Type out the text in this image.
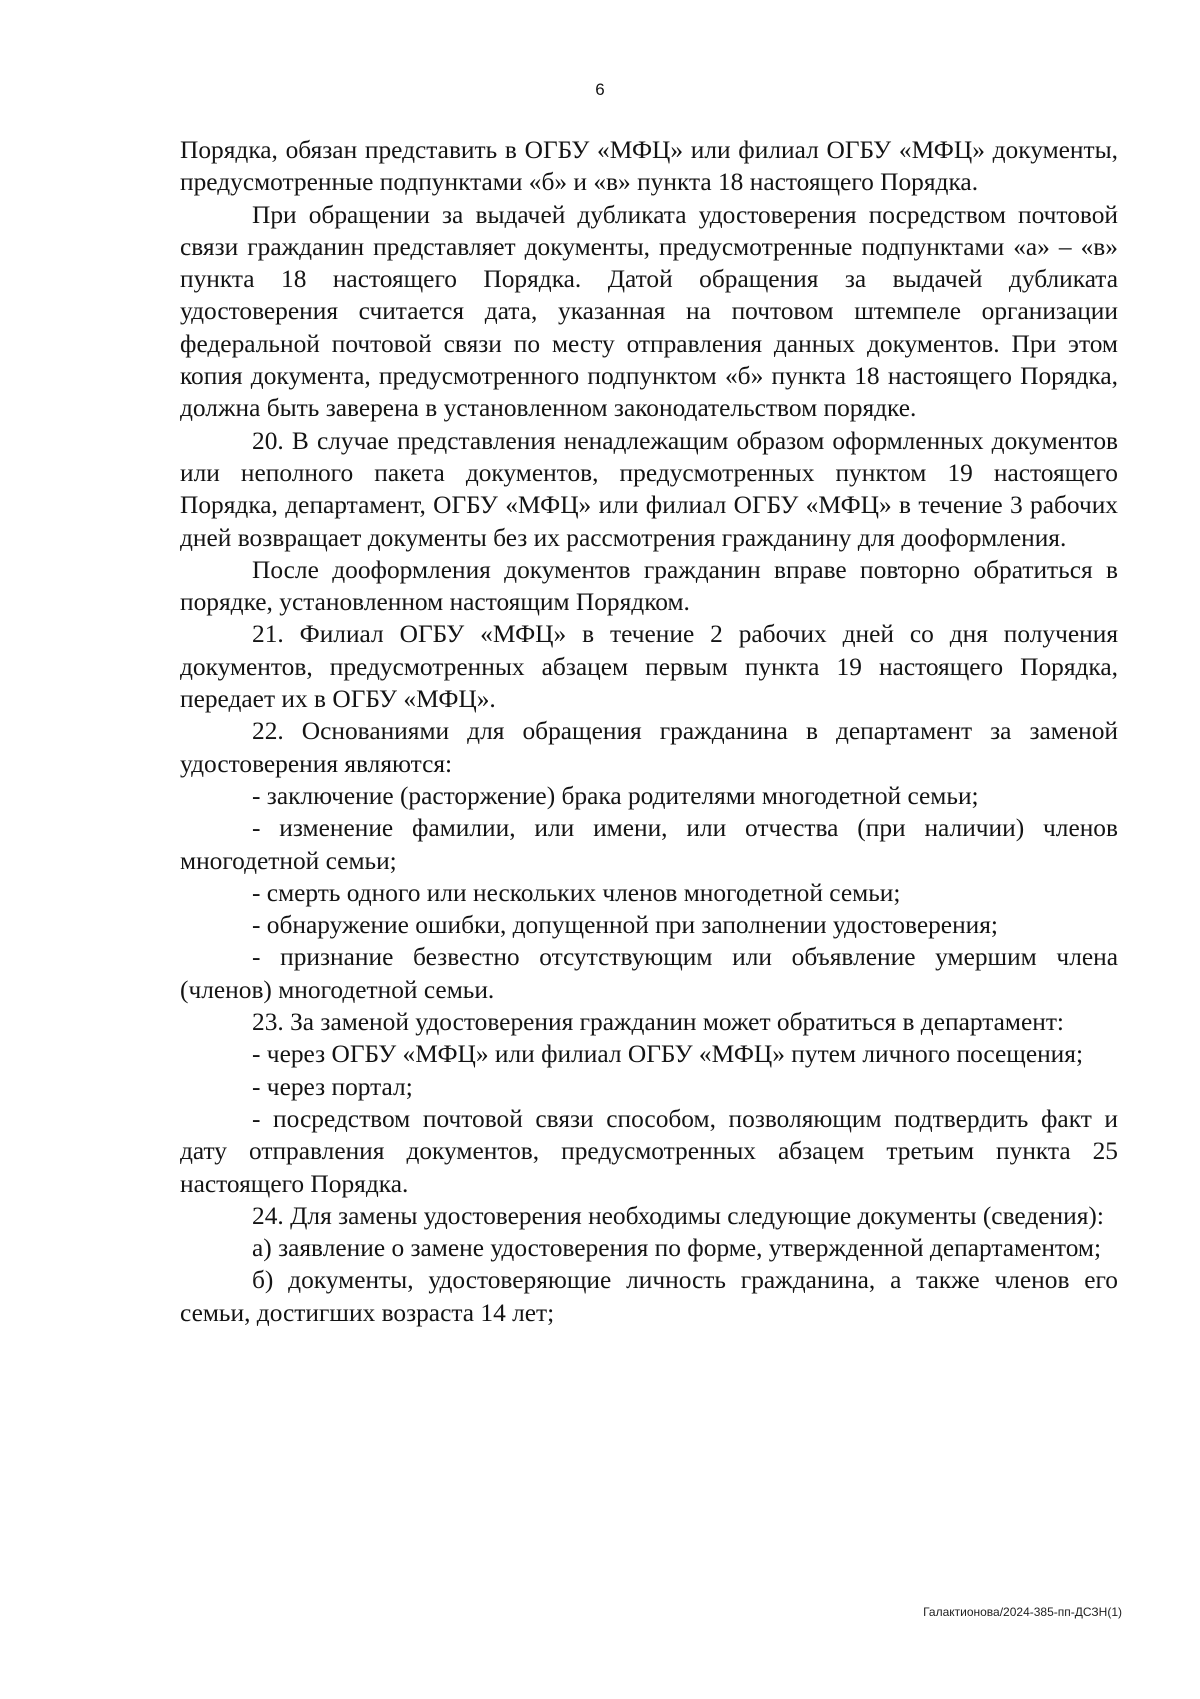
6

Порядка, обязан представить в ОГБУ «МФЦ» или филиал ОГБУ «МФЦ» документы, предусмотренные подпунктами «б» и «в» пункта 18 настоящего Порядка.

При обращении за выдачей дубликата удостоверения посредством почтовой связи гражданин представляет документы, предусмотренные подпунктами «а» – «в» пункта 18 настоящего Порядка. Датой обращения за выдачей дубликата удостоверения считается дата, указанная на почтовом штемпеле организации федеральной почтовой связи по месту отправления данных документов. При этом копия документа, предусмотренного подпунктом «б» пункта 18 настоящего Порядка, должна быть заверена в установленном законодательством порядке.

20. В случае представления ненадлежащим образом оформленных документов или неполного пакета документов, предусмотренных пунктом 19 настоящего Порядка, департамент, ОГБУ «МФЦ» или филиал ОГБУ «МФЦ» в течение 3 рабочих дней возвращает документы без их рассмотрения гражданину для дооформления.

После дооформления документов гражданин вправе повторно обратиться в порядке, установленном настоящим Порядком.

21. Филиал ОГБУ «МФЦ» в течение 2 рабочих дней со дня получения документов, предусмотренных абзацем первым пункта 19 настоящего Порядка, передает их в ОГБУ «МФЦ».

22. Основаниями для обращения гражданина в департамент за заменой удостоверения являются:

- заключение (расторжение) брака родителями многодетной семьи;

- изменение фамилии, или имени, или отчества (при наличии) членов многодетной семьи;

- смерть одного или нескольких членов многодетной семьи;

- обнаружение ошибки, допущенной при заполнении удостоверения;

- признание безвестно отсутствующим или объявление умершим члена (членов) многодетной семьи.

23. За заменой удостоверения гражданин может обратиться в департамент:

- через ОГБУ «МФЦ» или филиал ОГБУ «МФЦ» путем личного посещения;

- через портал;

- посредством почтовой связи способом, позволяющим подтвердить факт и дату отправления документов, предусмотренных абзацем третьим пункта 25 настоящего Порядка.

24. Для замены удостоверения необходимы следующие документы (сведения):

а) заявление о замене удостоверения по форме, утвержденной департаментом;

б) документы, удостоверяющие личность гражданина, а также членов его семьи, достигших возраста 14 лет;

Галактионова/2024-385-пп-ДСЗН(1)
